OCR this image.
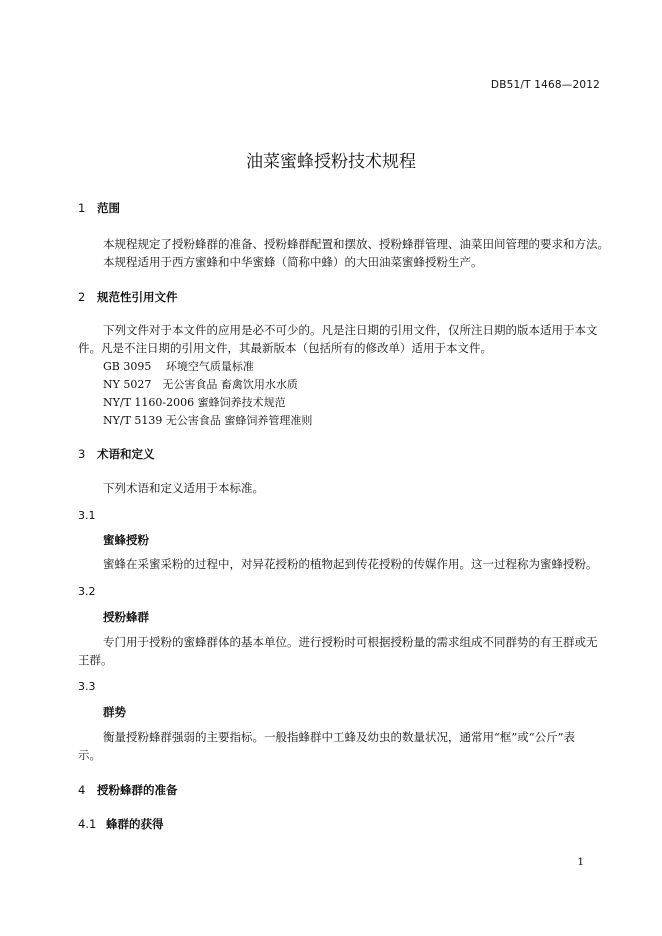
DB51/T 1468—2012
油菜蜜蜂授粉技术规程
1 范围
本规程规定了授粉蜂群的准备、授粉蜂群配置和摆放、授粉蜂群管理、油菜田间管理的要求和方法。
本规程适用于西方蜜蜂和中华蜜蜂（简称中蜂）的大田油菜蜜蜂授粉生产。
2 规范性引用文件
下列文件对于本文件的应用是必不可少的。凡是注日期的引用文件，仅所注日期的版本适用于本文
件。凡是不注日期的引用文件，其最新版本（包括所有的修改单）适用于本文件。
GB 3095　 环境空气质量标准
NY 5027　无公害食品 畜禽饮用水水质
NY/T 1160-2006 蜜蜂饲养技术规范
NY/T 5139 无公害食品 蜜蜂饲养管理准则
3 术语和定义
下列术语和定义适用于本标准。
3.1
蜜蜂授粉
蜜蜂在采蜜采粉的过程中，对异花授粉的植物起到传花授粉的传媒作用。这一过程称为蜜蜂授粉。
3.2
授粉蜂群
专门用于授粉的蜜蜂群体的基本单位。进行授粉时可根据授粉量的需求组成不同群势的有王群或无
王群。
3.3
群势
衡量授粉蜂群强弱的主要指标。一般指蜂群中工蜂及幼虫的数量状况，通常用“框”或“公斤”表
示。
4 授粉蜂群的准备
4.1 蜂群的获得
1
